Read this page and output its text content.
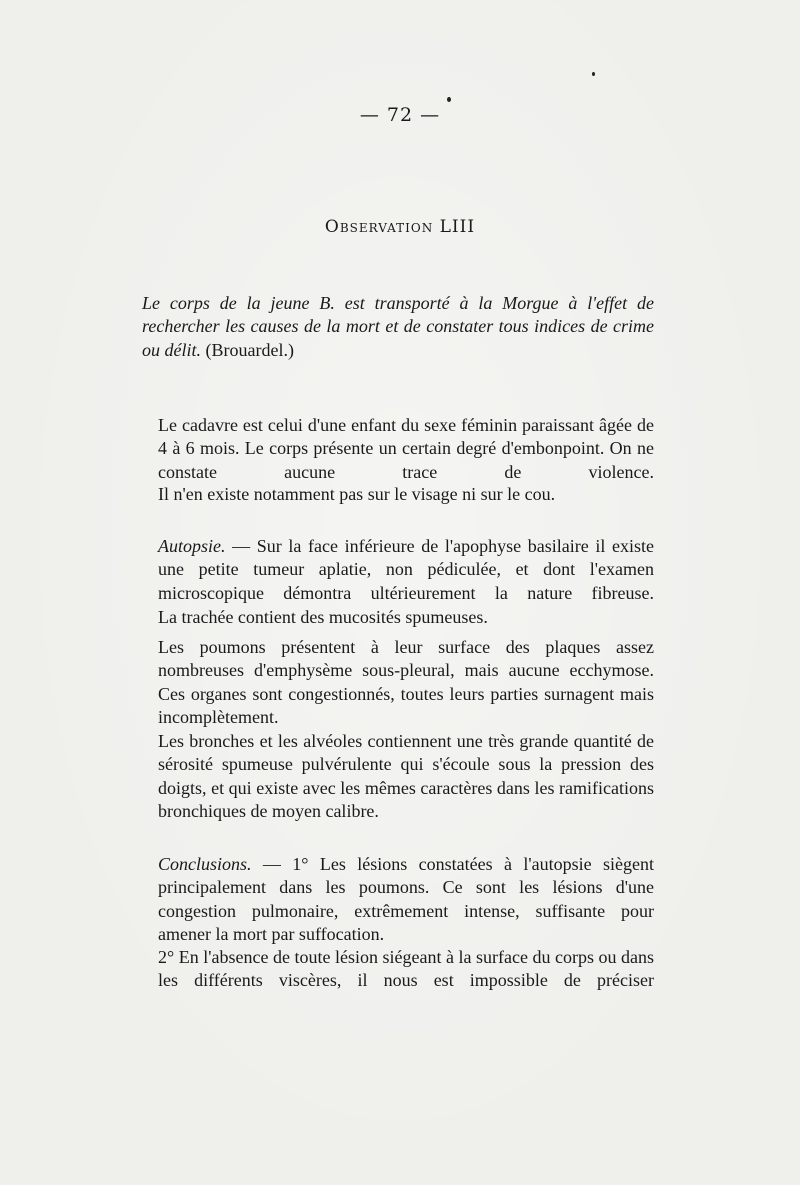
— 72 —
Observation LIII
Le corps de la jeune B. est transporté à la Morgue à l'effet de rechercher les causes de la mort et de constater tous indices de crime ou délit. (Brouardel.)
Le cadavre est celui d'une enfant du sexe féminin paraissant âgée de 4 à 6 mois. Le corps présente un certain degré d'embonpoint. On ne constate aucune trace de violence.
Il n'en existe notamment pas sur le visage ni sur le cou.
Autopsie. — Sur la face inférieure de l'apophyse basilaire il existe une petite tumeur aplatie, non pédiculée, et dont l'examen microscopique démontra ultérieurement la nature fibreuse.
La trachée contient des mucosités spumeuses.
Les poumons présentent à leur surface des plaques assez nombreuses d'emphysème sous-pleural, mais aucune ecchymose. Ces organes sont congestionnés, toutes leurs parties surnagent mais incomplètement.
Les bronches et les alvéoles contiennent une très grande quantité de sérosité spumeuse pulvérulente qui s'écoule sous la pression des doigts, et qui existe avec les mêmes caractères dans les ramifications bronchiques de moyen calibre.
Conclusions. — 1° Les lésions constatées à l'autopsie siègent principalement dans les poumons. Ce sont les lésions d'une congestion pulmonaire, extrêmement intense, suffisante pour amener la mort par suffocation.
2° En l'absence de toute lésion siégeant à la surface du corps ou dans les différents viscères, il nous est impossible de préciser
